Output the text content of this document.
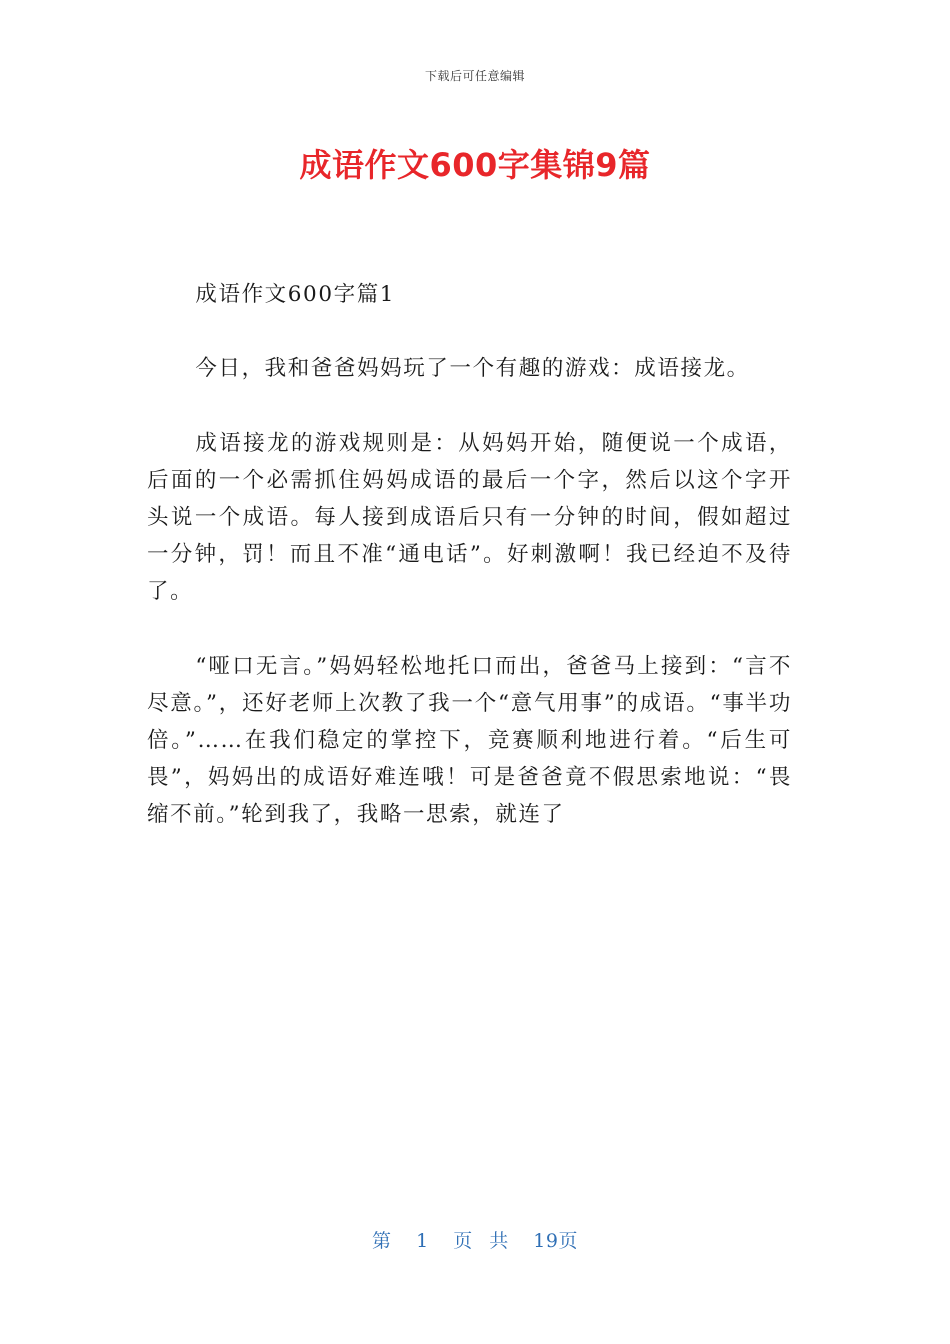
下载后可任意编辑
成语作文600字集锦9篇

成语作文600字篇1

今日，我和爸爸妈妈玩了一个有趣的游戏：成语接龙。

成语接龙的游戏规则是：从妈妈开始，随便说一个成语，后面的一个必需抓住妈妈成语的最后一个字，然后以这个字开头说一个成语。每人接到成语后只有一分钟的时间，假如超过一分钟，罚！而且不准“通电话”。好刺激啊！我已经迫不及待了。

“哑口无言。”妈妈轻松地托口而出，爸爸马上接到：“言不尽意。”，还好老师上次教了我一个“意气用事”的成语。“事半功倍。”……在我们稳定的掌控下，竞赛顺利地进行着。“后生可畏”，妈妈出的成语好难连哦！可是爸爸竟不假思索地说：“畏缩不前。”轮到我了，我略一思索，就连了

第 1 页 共 19页
